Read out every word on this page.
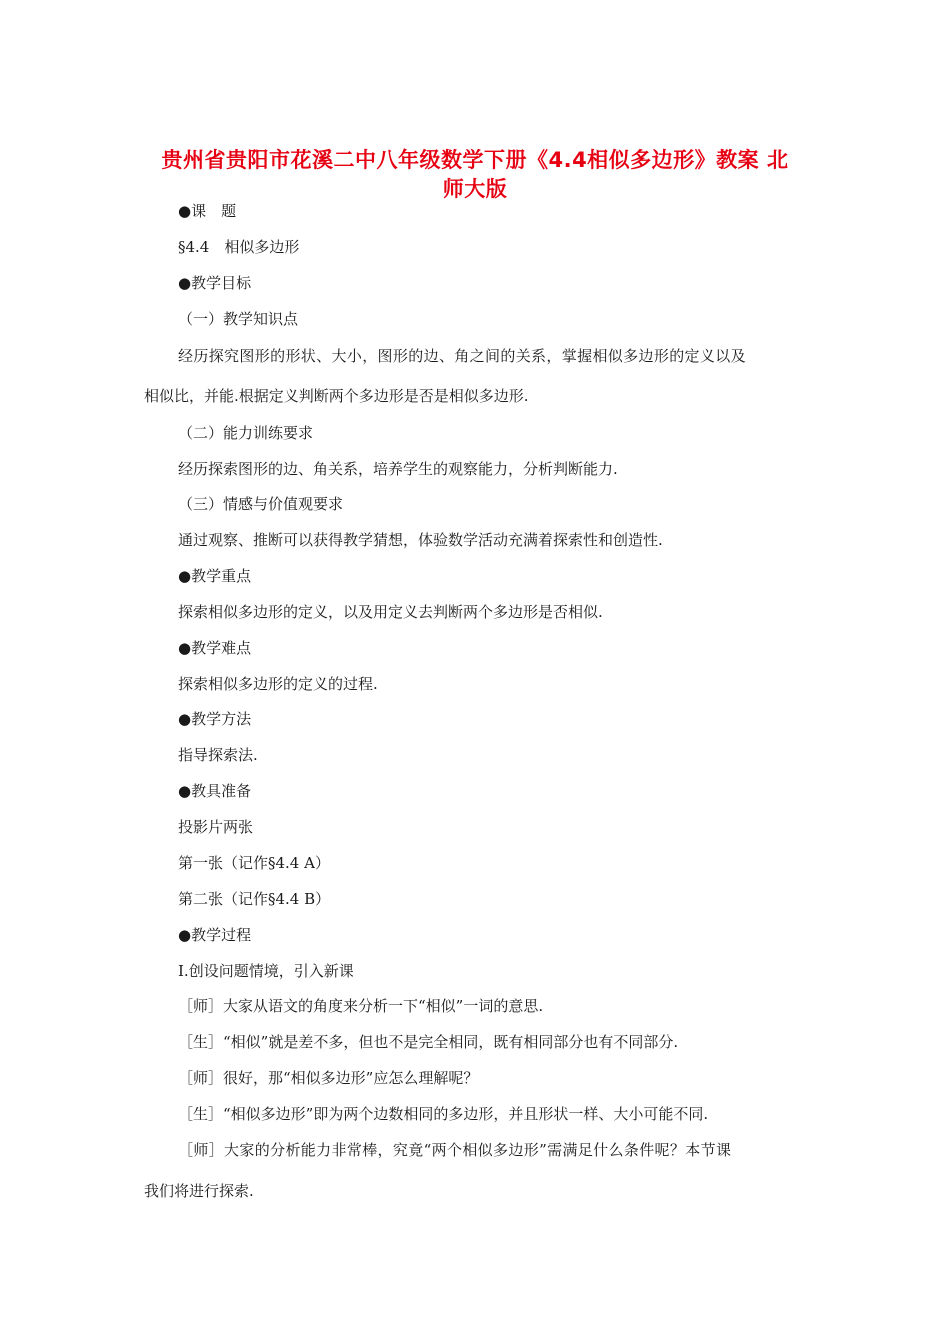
贵州省贵阳市花溪二中八年级数学下册《4.4相似多边形》教案 北
师大版
●课　题
§4.4　相似多边形
●教学目标
（一）教学知识点
经历探究图形的形状、大小，图形的边、角之间的关系，掌握相似多边形的定义以及
相似比，并能.根据定义判断两个多边形是否是相似多边形.
（二）能力训练要求
经历探索图形的边、角关系，培养学生的观察能力，分析判断能力.
（三）情感与价值观要求
通过观察、推断可以获得教学猜想，体验数学活动充满着探索性和创造性.
●教学重点
探索相似多边形的定义，以及用定义去判断两个多边形是否相似.
●教学难点
探索相似多边形的定义的过程.
●教学方法
指导探索法.
●教具准备
投影片两张
第一张（记作§4.4 A）
第二张（记作§4.4 B）
●教学过程
Ⅰ.创设问题情境，引入新课
［师］大家从语文的角度来分析一下“相似”一词的意思.
［生］“相似”就是差不多，但也不是完全相同，既有相同部分也有不同部分.
［师］很好，那“相似多边形”应怎么理解呢？
［生］“相似多边形”即为两个边数相同的多边形，并且形状一样、大小可能不同.
［师］大家的分析能力非常棒，究竟“两个相似多边形”需满足什么条件呢？本节课
我们将进行探索.
